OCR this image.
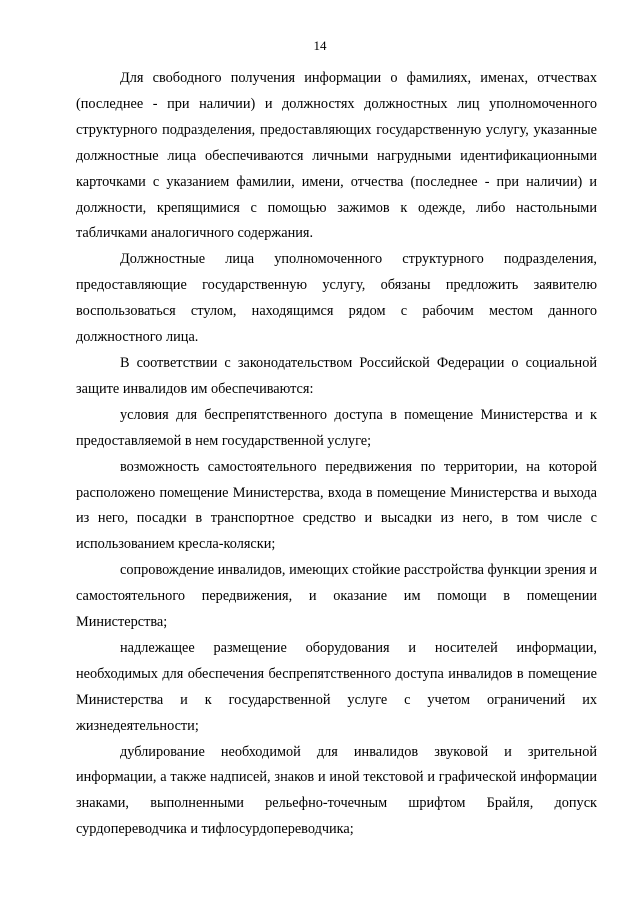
14

Для свободного получения информации о фамилиях, именах, отчествах (последнее - при наличии) и должностях должностных лиц уполномоченного структурного подразделения, предоставляющих государственную услугу, указанные должностные лица обеспечиваются личными нагрудными идентификационными карточками с указанием фамилии, имени, отчества (последнее - при наличии) и должности, крепящимися с помощью зажимов к одежде, либо настольными табличками аналогичного содержания.

Должностные лица уполномоченного структурного подразделения, предоставляющие государственную услугу, обязаны предложить заявителю воспользоваться стулом, находящимся рядом с рабочим местом данного должностного лица.

В соответствии с законодательством Российской Федерации о социальной защите инвалидов им обеспечиваются:

условия для беспрепятственного доступа в помещение Министерства и к предоставляемой в нем государственной услуге;

возможность самостоятельного передвижения по территории, на которой расположено помещение Министерства, входа в помещение Министерства и выхода из него, посадки в транспортное средство и высадки из него, в том числе с использованием кресла-коляски;

сопровождение инвалидов, имеющих стойкие расстройства функции зрения и самостоятельного передвижения, и оказание им помощи в помещении Министерства;

надлежащее размещение оборудования и носителей информации, необходимых для обеспечения беспрепятственного доступа инвалидов в помещение Министерства и к государственной услуге с учетом ограничений их жизнедеятельности;

дублирование необходимой для инвалидов звуковой и зрительной информации, а также надписей, знаков и иной текстовой и графической информации знаками, выполненными рельефно-точечным шрифтом Брайля, допуск сурдопереводчика и тифлосурдопереводчика;
